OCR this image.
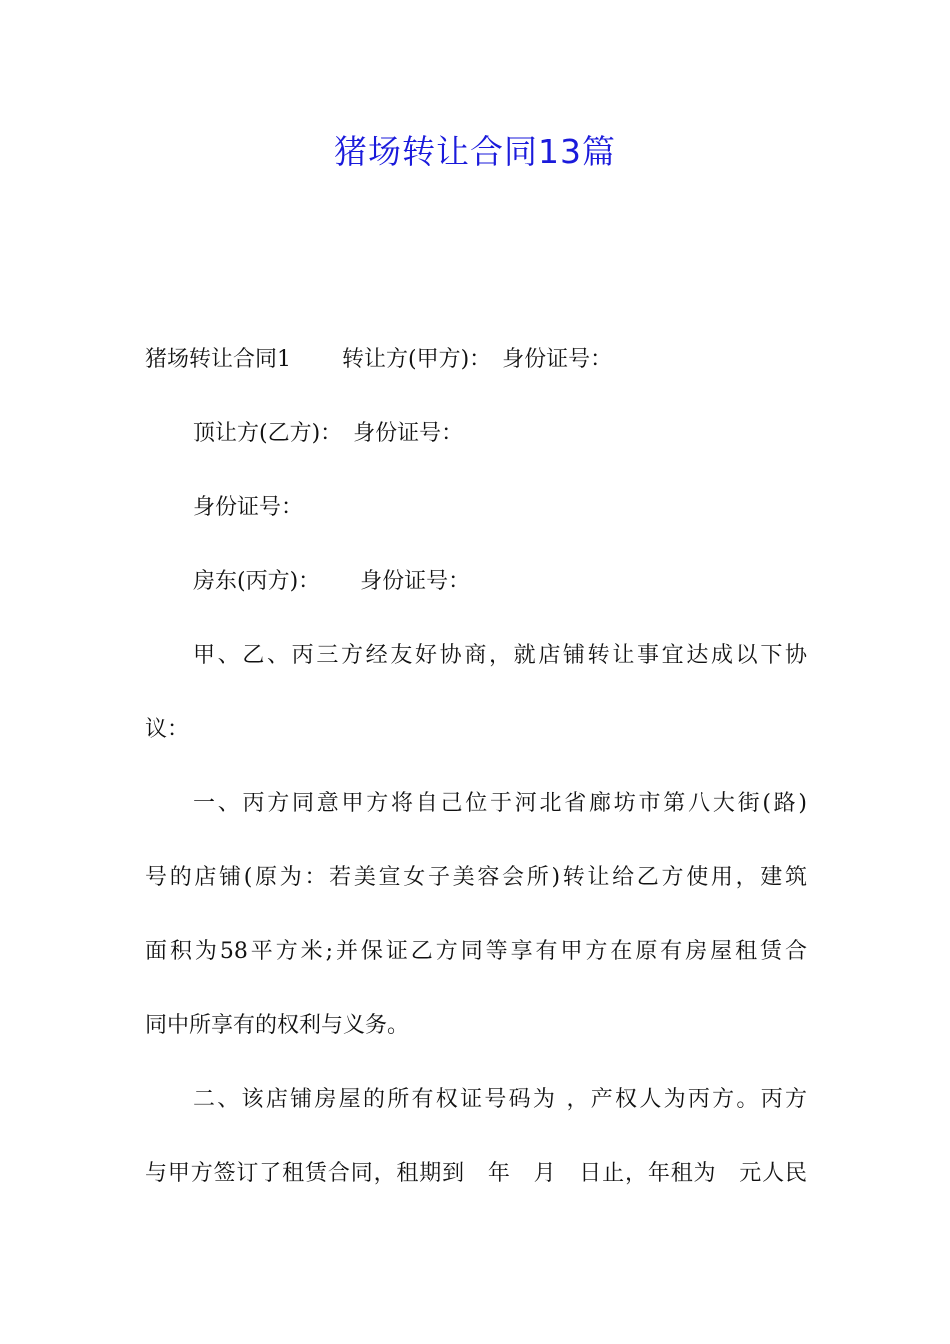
猪场转让合同13篇
猪场转让合同1　　 转让方(甲方)：　身份证号：
顶让方(乙方)：　身份证号：
身份证号：
房东(丙方)：　　 身份证号：
甲、乙、丙三方经友好协商，就店铺转让事宜达成以下协
议：
一、丙方同意甲方将自己位于河北省廊坊市第八大街(路)
号的店铺(原为：若美宣女子美容会所)转让给乙方使用，建筑
面积为58平方米;并保证乙方同等享有甲方在原有房屋租赁合
同中所享有的权利与义务。
二、该店铺房屋的所有权证号码为 ，产权人为丙方。丙方
与甲方签订了租赁合同，租期到　年　月　日止，年租为　元人民
